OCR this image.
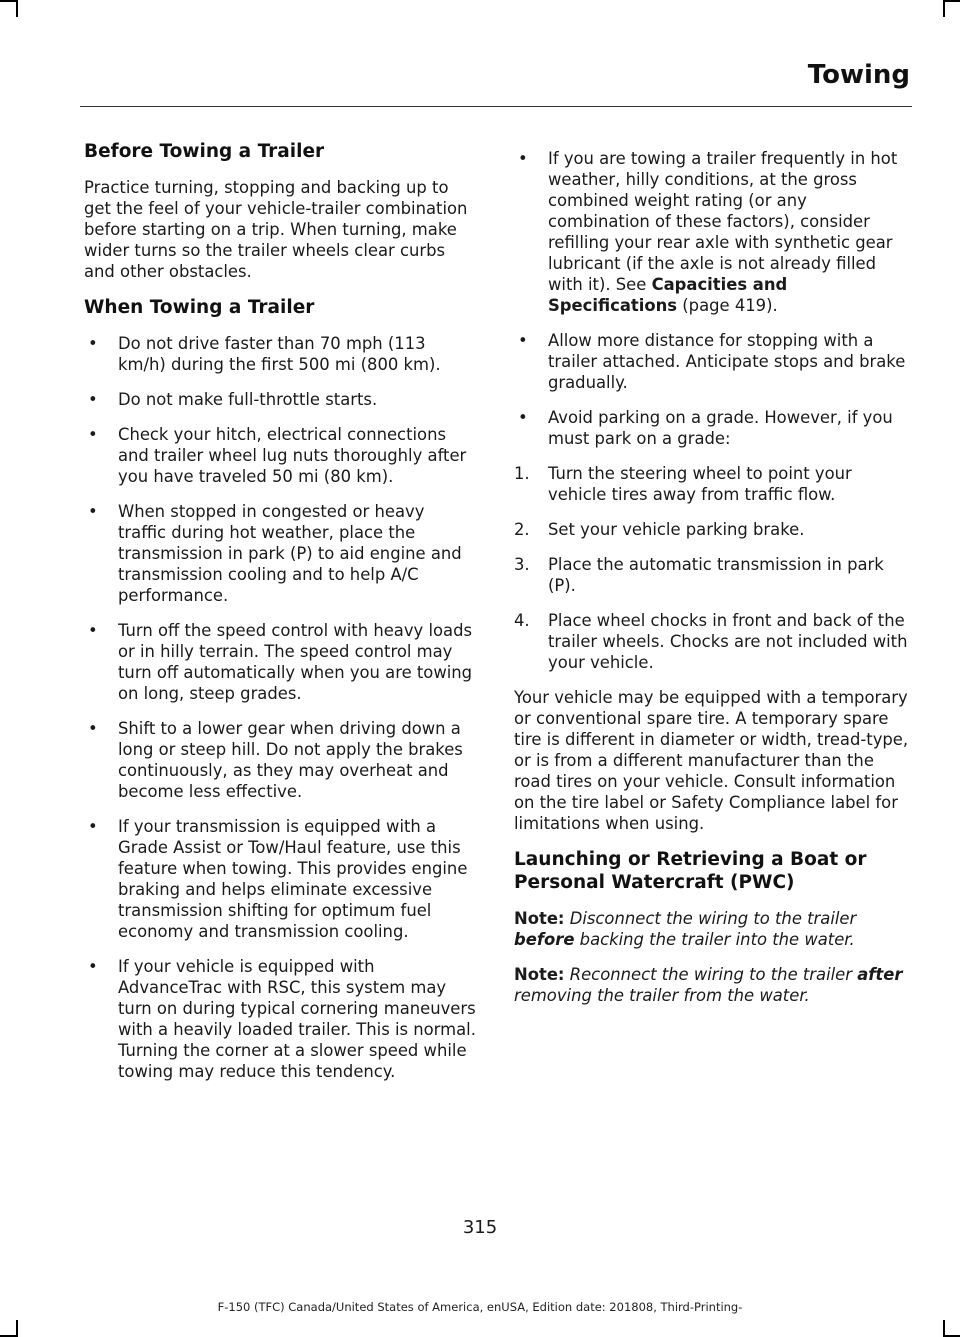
Towing
Before Towing a Trailer

Practice turning, stopping and backing up to get the feel of your vehicle-trailer combination before starting on a trip. When turning, make wider turns so the trailer wheels clear curbs and other obstacles.

When Towing a Trailer
•	Do not drive faster than 70 mph (113 km/h) during the first 500 mi (800 km).
•	Do not make full-throttle starts.
•	Check your hitch, electrical connections and trailer wheel lug nuts thoroughly after you have traveled 50 mi (80 km).
•	When stopped in congested or heavy traffic during hot weather, place the transmission in park (P) to aid engine and transmission cooling and to help A/C performance.
•	Turn off the speed control with heavy loads or in hilly terrain. The speed control may turn off automatically when you are towing on long, steep grades.
•	Shift to a lower gear when driving down a long or steep hill. Do not apply the brakes continuously, as they may overheat and become less effective.
•	If your transmission is equipped with a Grade Assist or Tow/Haul feature, use this feature when towing. This provides engine braking and helps eliminate excessive transmission shifting for optimum fuel economy and transmission cooling.
•	If your vehicle is equipped with AdvanceTrac with RSC, this system may turn on during typical cornering maneuvers with a heavily loaded trailer. This is normal. Turning the corner at a slower speed while towing may reduce this tendency.
•	If you are towing a trailer frequently in hot weather, hilly conditions, at the gross combined weight rating (or any combination of these factors), consider refilling your rear axle with synthetic gear lubricant (if the axle is not already filled with it). See Capacities and Specifications (page 419).
•	Allow more distance for stopping with a trailer attached. Anticipate stops and brake gradually.
•	Avoid parking on a grade. However, if you must park on a grade:
1.	Turn the steering wheel to point your vehicle tires away from traffic flow.
2.	Set your vehicle parking brake.
3.	Place the automatic transmission in park (P).
4.	Place wheel chocks in front and back of the trailer wheels. Chocks are not included with your vehicle.

Your vehicle may be equipped with a temporary or conventional spare tire. A temporary spare tire is different in diameter or width, tread-type, or is from a different manufacturer than the road tires on your vehicle. Consult information on the tire label or Safety Compliance label for limitations when using.

Launching or Retrieving a Boat or Personal Watercraft (PWC)

Note: Disconnect the wiring to the trailer before backing the trailer into the water.

Note: Reconnect the wiring to the trailer after removing the trailer from the water.

315
F-150 (TFC) Canada/United States of America, enUSA, Edition date: 201808, Third-Printing-
